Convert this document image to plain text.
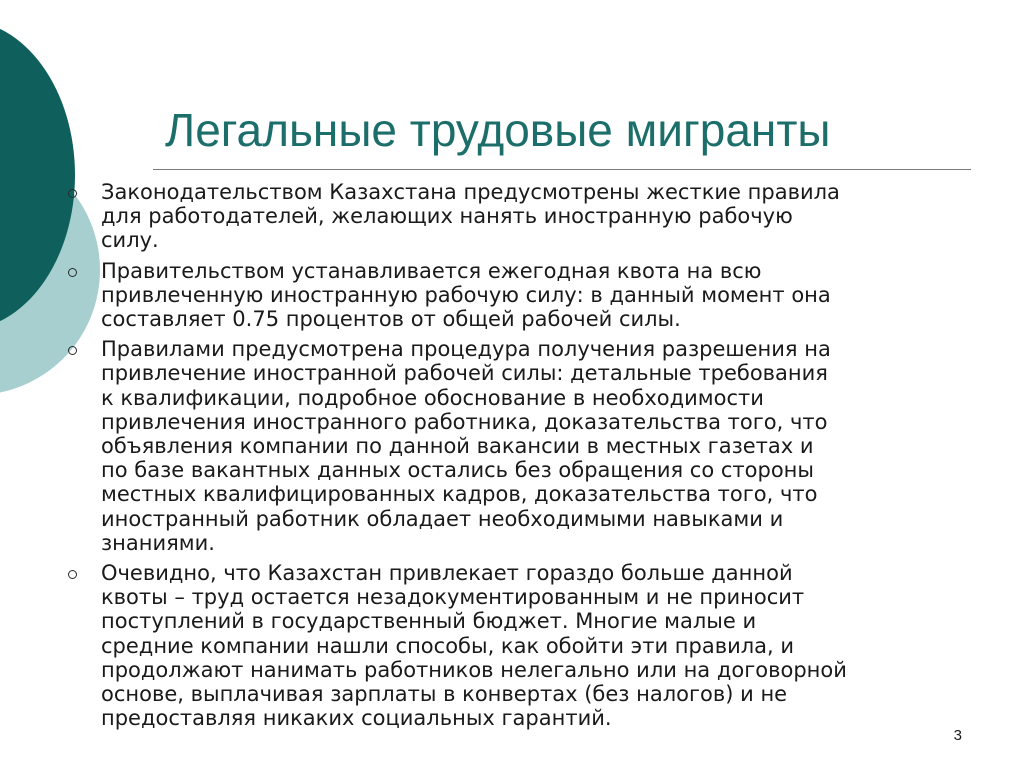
Легальные трудовые мигранты
Законодательством Казахстана предусмотрены жесткие правила
для работодателей, желающих нанять иностранную рабочую
силу.
Правительством устанавливается ежегодная квота на всю
привлеченную иностранную рабочую силу: в данный момент она
составляет 0.75 процентов от общей рабочей силы.
Правилами предусмотрена процедура получения разрешения на
привлечение иностранной рабочей силы: детальные требования
к квалификации, подробное обоснование в необходимости
привлечения иностранного работника, доказательства того, что
объявления компании по данной вакансии в местных газетах и
по базе вакантных данных остались без обращения со стороны
местных квалифицированных кадров, доказательства того, что
иностранный работник обладает необходимыми навыками и
знаниями.
Очевидно, что Казахстан привлекает гораздо больше данной
квоты – труд остается незадокументированным и не приносит
поступлений в государственный бюджет. Многие малые и
средние компании нашли способы, как обойти эти правила, и
продолжают нанимать работников нелегально или на договорной
основе, выплачивая зарплаты в конвертах (без налогов) и не
предоставляя никаких социальных гарантий.
3
